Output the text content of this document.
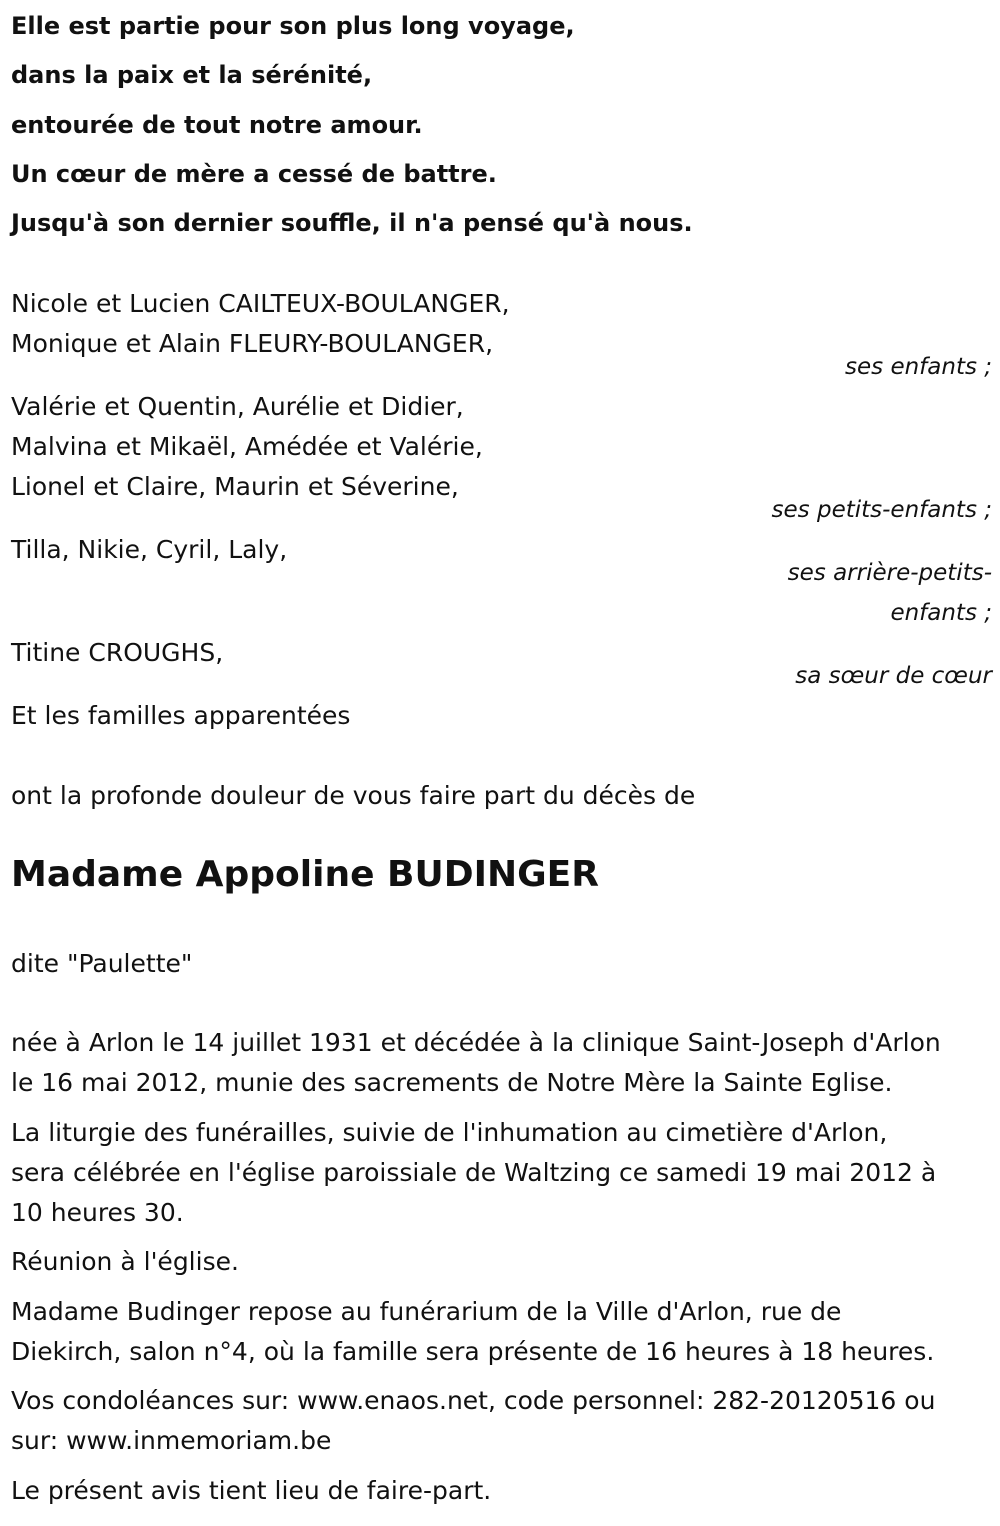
Elle est partie pour son plus long voyage,
dans la paix et la sérénité,
entourée de tout notre amour.
Un cœur de mère a cessé de battre.
Jusqu'à son dernier souffle, il n'a pensé qu'à nous.
Nicole et Lucien CAILTEUX-BOULANGER,
Monique et Alain FLEURY-BOULANGER,
ses enfants ;
Valérie et Quentin, Aurélie et Didier,
Malvina et Mikaël, Amédée et Valérie,
Lionel et Claire, Maurin et Séverine,
ses petits-enfants ;
Tilla, Nikie, Cyril, Laly,
ses arrière-petits-
enfants ;
Titine CROUGHS,
sa sœur de cœur
Et les familles apparentées
ont la profonde douleur de vous faire part du décès de
Madame Appoline BUDINGER
dite "Paulette"
née à Arlon le 14 juillet 1931 et décédée à la clinique Saint-Joseph d'Arlon
le 16 mai 2012, munie des sacrements de Notre Mère la Sainte Eglise.
La liturgie des funérailles, suivie de l'inhumation au cimetière d'Arlon,
sera célébrée en l'église paroissiale de Waltzing ce samedi 19 mai 2012 à
10 heures 30.
Réunion à l'église.
Madame Budinger repose au funérarium de la Ville d'Arlon, rue de
Diekirch, salon n°4, où la famille sera présente de 16 heures à 18 heures.
Vos condoléances sur: www.enaos.net, code personnel: 282-20120516 ou
sur: www.inmemoriam.be
Le présent avis tient lieu de faire-part.
